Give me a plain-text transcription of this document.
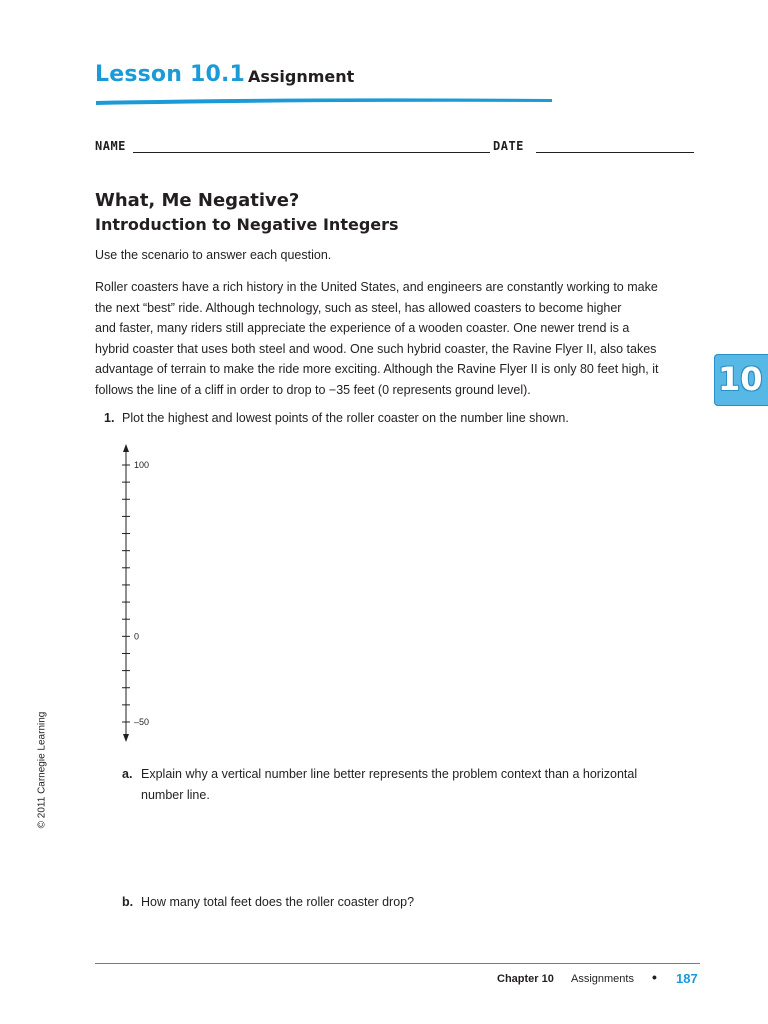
Lesson 10.1 Assignment
NAME	DATE
What, Me Negative?
Introduction to Negative Integers
Use the scenario to answer each question.

Roller coasters have a rich history in the United States, and engineers are constantly working to make

the next “best” ride. Although technology, such as steel, has allowed coasters to become higher

and faster, many riders still appreciate the experience of a wooden coaster. One newer trend is a

hybrid coaster that uses both steel and wood. One such hybrid coaster, the Ravine Flyer II, also takes

advantage of terrain to make the ride more exciting. Although the Ravine Flyer II is only 80 feet high, it

follows the line of a cliff in order to drop to −35 feet (0 represents ground level).	10
1. Plot the highest and lowest points of the roller coaster on the number line shown.
100
0
–50
a. Explain why a vertical number line better represents the problem context than a horizontal
number line.
b. How many total feet does the roller coaster drop?
© 2011 Carnegie Learning
Chapter 10 Assignments • 187
